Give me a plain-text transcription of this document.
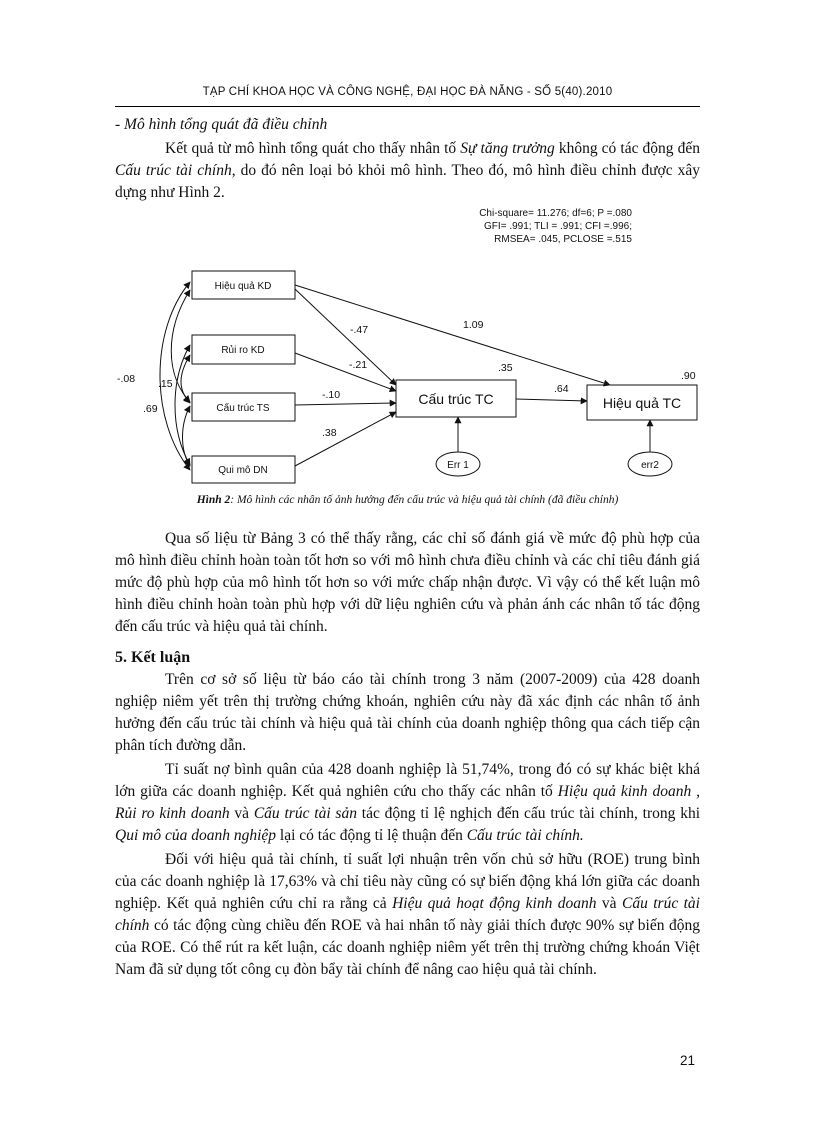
TẠP CHÍ KHOA HỌC VÀ CÔNG NGHỆ, ĐẠI HỌC ĐÀ NẴNG - SỐ 5(40).2010
- Mô hình tổng quát đã điều chỉnh

Kết quả từ mô hình tổng quát cho thấy nhân tố Sự tăng trưởng không có tác động đến Cấu trúc tài chính, do đó nên loại bỏ khỏi mô hình. Theo đó, mô hình điều chỉnh được xây dựng như Hình 2.

Chi-square= 11.276; df=6; P =.080
GFI= .991; TLI = .991; CFI =.996;
RMSEA= .045, PCLOSE =.515
Hiệu quả KD
Rủi ro KD
Cấu trúc TS
Qui mô DN
Cấu trúc TC	Hiệu quả TC
Err 1	err2
-.47	1.09
-.21
-.10
.38
.64
.35
.90
-.08 .15
.69
Hình 2: Mô hình các nhân tố ảnh hưởng đến cấu trúc và hiệu quả tài chính (đã điều chỉnh)

Qua số liệu từ Bảng 3 có thể thấy rằng, các chỉ số đánh giá về mức độ phù hợp của mô hình điều chỉnh hoàn toàn tốt hơn so với mô hình chưa điều chỉnh và các chỉ tiêu đánh giá mức độ phù hợp của mô hình tốt hơn so với mức chấp nhận được. Vì vậy có thể kết luận mô hình điều chỉnh hoàn toàn phù hợp với dữ liệu nghiên cứu và phản ánh các nhân tố tác động đến cấu trúc và hiệu quả tài chính.

5. Kết luận

Trên cơ sở số liệu từ báo cáo tài chính trong 3 năm (2007-2009) của 428 doanh nghiệp niêm yết trên thị trường chứng khoán, nghiên cứu này đã xác định các nhân tố ảnh hưởng đến cấu trúc tài chính và hiệu quả tài chính của doanh nghiệp thông qua cách tiếp cận phân tích đường dẫn.

Tỉ suất nợ bình quân của 428 doanh nghiệp là 51,74%, trong đó có sự khác biệt khá lớn giữa các doanh nghiệp. Kết quả nghiên cứu cho thấy các nhân tố Hiệu quả kinh doanh , Rủi ro kinh doanh và Cấu trúc tài sản tác động tỉ lệ nghịch đến cấu trúc tài chính, trong khi Qui mô của doanh nghiệp lại có tác động tỉ lệ thuận đến Cấu trúc tài chính.

Đối với hiệu quả tài chính, tỉ suất lợi nhuận trên vốn chủ sở hữu (ROE) trung bình của các doanh nghiệp là 17,63% và chỉ tiêu này cũng có sự biến động khá lớn giữa các doanh nghiệp. Kết quả nghiên cứu chỉ ra rằng cả Hiệu quả hoạt động kinh doanh và Cấu trúc tài chính có tác động cùng chiều đến ROE và hai nhân tố này giải thích được 90% sự biến động của ROE. Có thể rút ra kết luận, các doanh nghiệp niêm yết trên thị trường chứng khoán Việt Nam đã sử dụng tốt công cụ đòn bẩy tài chính để nâng cao hiệu quả tài chính.

21
